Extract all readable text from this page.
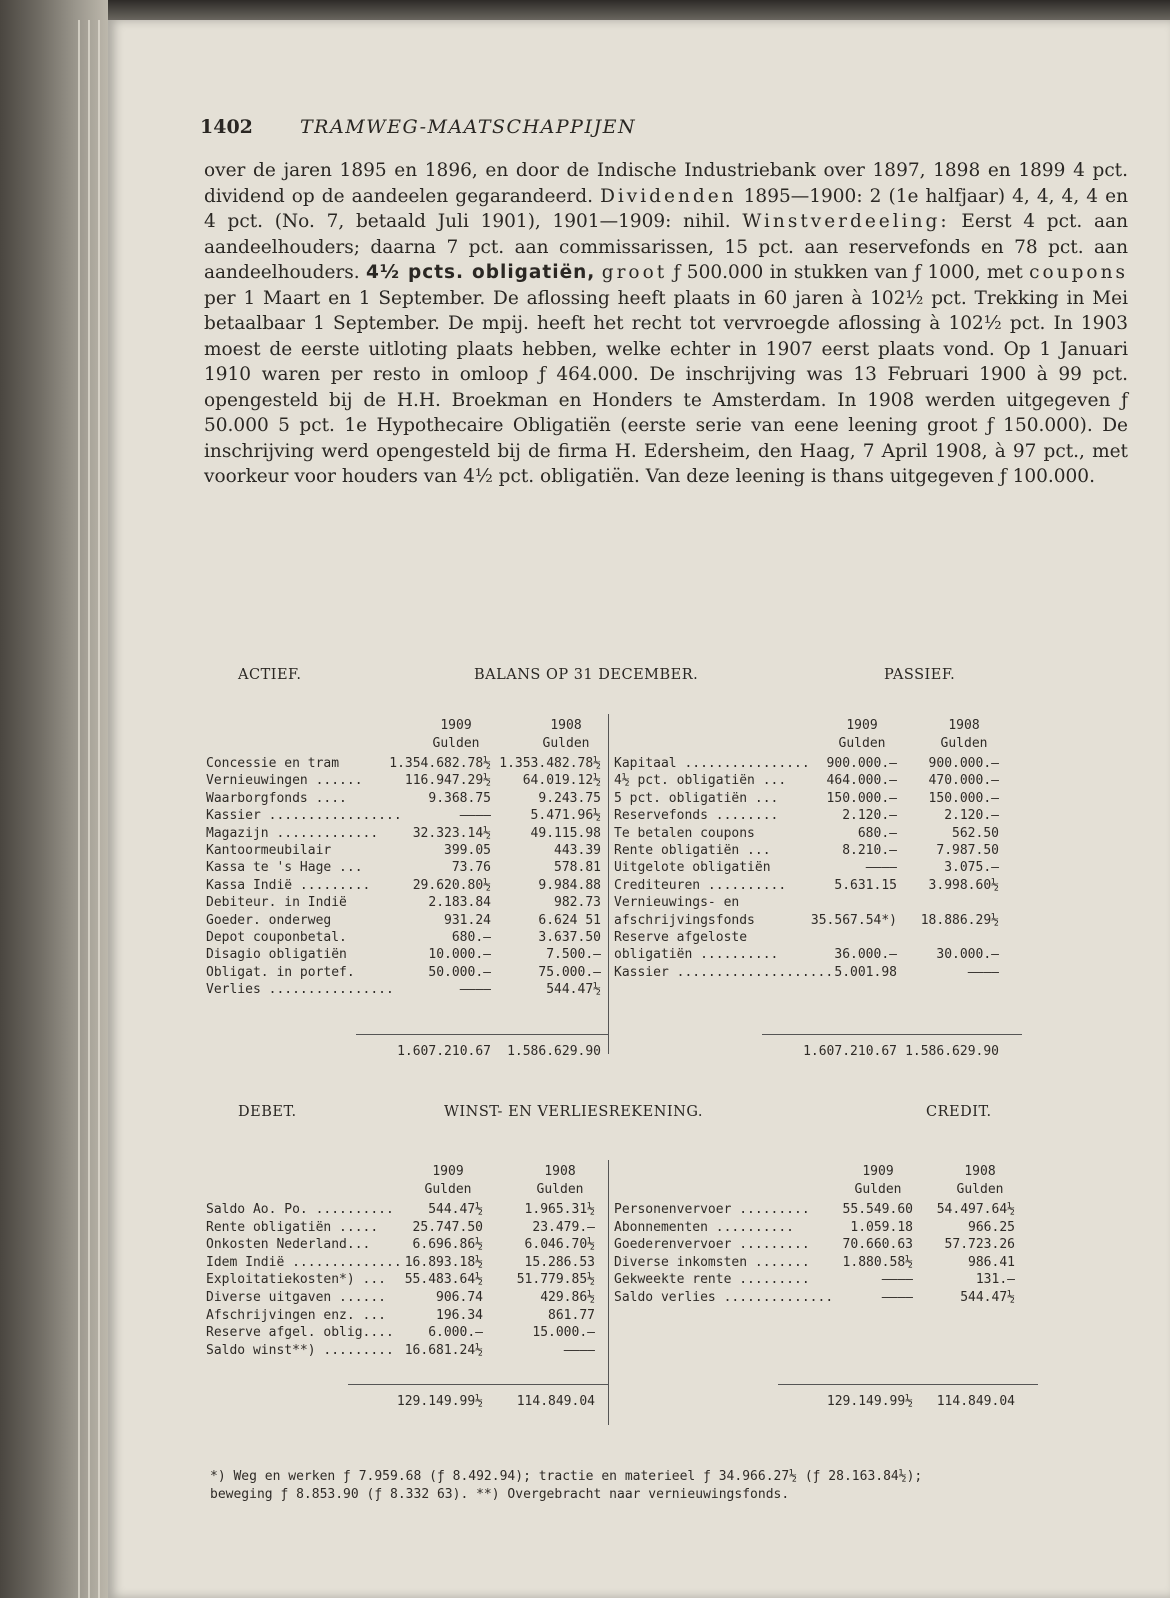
1402 TRAMWEG-MAATSCHAPPIJEN

over de jaren 1895 en 1896, en door de Indische Industriebank over 1897, 1898 en 1899 4 pct. dividend op de aandeelen gegarandeerd. Dividenden 1895—1900: 2 (1e halfjaar) 4, 4, 4, 4 en 4 pct. (No. 7, betaald Juli 1901), 1901—1909: nihil. Winstverdeeling: Eerst 4 pct. aan aandeelhouders; daarna 7 pct. aan commissarissen, 15 pct. aan reservefonds en 78 pct. aan aandeelhouders. 4½ pcts. obligatiën, groot ƒ 500.000 in stukken van ƒ 1000, met coupons per 1 Maart en 1 September. De aflossing heeft plaats in 60 jaren à 102½ pct. Trekking in Mei betaalbaar 1 September. De mpij. heeft het recht tot vervroegde aflossing à 102½ pct. In 1903 moest de eerste uitloting plaats hebben, welke echter in 1907 eerst plaats vond. Op 1 Januari 1910 waren per resto in omloop ƒ 464.000. De inschrijving was 13 Februari 1900 à 99 pct. opengesteld bij de H.H. Broekman en Honders te Amsterdam. In 1908 werden uitgegeven ƒ 50.000 5 pct. 1e Hypothecaire Obligatiën (eerste serie van eene leening groot ƒ 150.000). De inschrijving werd opengesteld bij de firma H. Edersheim, den Haag, 7 April 1908, à 97 pct., met voorkeur voor houders van 4½ pct. obligatiën. Van deze leening is thans uitgegeven ƒ 100.000.

ACTIEF.	BALANS OP 31 DECEMBER.	PASSIEF.
1909	1908
Gulden	Gulden
1909	1908
Gulden	Gulden
Concessie en tram	1.354.682.78½ 1.353.482.78½
Vernieuwingen ......	116.947.29½	64.019.12½
Waarborgfonds ....	9.368.75	9.243.75
Kassier .................	————	5.471.96½
Magazijn .............	32.323.14½	49.115.98
Kantoormeubilair	399.05	443.39
Kassa te 's Hage ...	73.76	578.81
Kassa Indië .........	29.620.80½	9.984.88
Debiteur. in Indië	2.183.84	982.73
Goeder. onderweg	931.24	6.624 51
Depot couponbetal.	680.—	3.637.50
Disagio obligatiën	10.000.—	7.500.—
Obligat. in portef.	50.000.—	75.000.—
Verlies ................	————	544.47½
Kapitaal ................	900.000.—	900.000.—
4½ pct. obligatiën ...	464.000.—	470.000.—
5 pct. obligatiën ...	150.000.—	150.000.—
Reservefonds ........	2.120.—	2.120.—
Te betalen coupons	680.—	562.50
Rente obligatiën ...	8.210.—	7.987.50
Uitgelote obligatiën	————	3.075.—
Crediteuren ..........	5.631.15	3.998.60½
Vernieuwings- en
afschrijvingsfonds	35.567.54*)	18.886.29½
Reserve afgeloste
obligatiën ..........	36.000.—	30.000.—
Kassier .................... 5.001.98	————
1.607.210.67	1.586.629.90	1.607.210.67 1.586.629.90
DEBET.	WINST- EN VERLIESREKENING.	CREDIT.
1909	1908
Gulden	Gulden
1909	1908
Gulden	Gulden
Saldo Ao. Po. ..........	544.47½	1.965.31½
Rente obligatiën .....	25.747.50	23.479.—
Onkosten Nederland...	6.696.86½	6.046.70½
Idem Indië .............. 16.893.18½	15.286.53
Exploitatiekosten*) ...	55.483.64½	51.779.85½
Diverse uitgaven ......	906.74	429.86½
Afschrijvingen enz. ...	196.34	861.77
Reserve afgel. oblig....	6.000.—	15.000.—
Saldo winst**) ......... 16.681.24½	————
Personenvervoer .........	55.549.60	54.497.64½
Abonnementen ..........	1.059.18	966.25
Goederenvervoer .........	70.660.63	57.723.26
Diverse inkomsten .......	1.880.58½	986.41
Gekweekte rente .........	————	131.—
Saldo verlies ..............	————	544.47½
129.149.99½	114.849.04	129.149.99½	114.849.04
*) Weg en werken ƒ 7.959.68 (ƒ 8.492.94); tractie en materieel ƒ 34.966.27½ (ƒ 28.163.84½);
beweging ƒ 8.853.90 (ƒ 8.332 63). **) Overgebracht naar vernieuwingsfonds.
